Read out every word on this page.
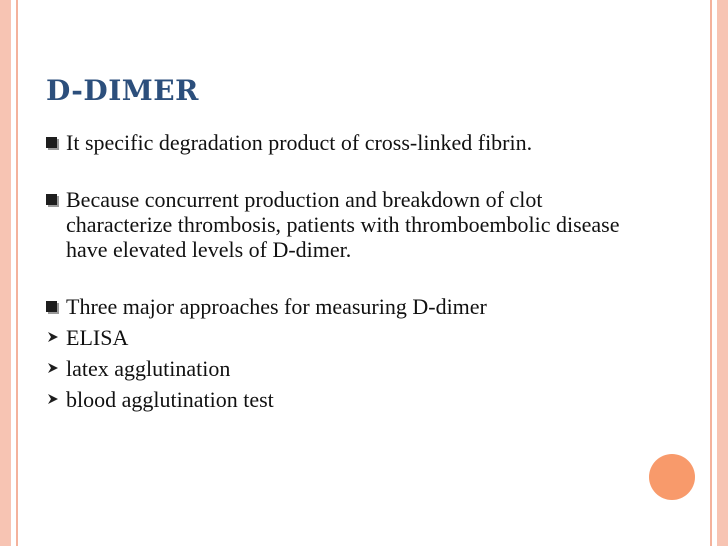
D-DIMER
It specific degradation product of cross-linked fibrin.
Because concurrent production and breakdown of clot characterize thrombosis, patients with thromboembolic disease have elevated levels of D-dimer.
Three major approaches for measuring D-dimer
ELISA
latex agglutination
blood agglutination test
